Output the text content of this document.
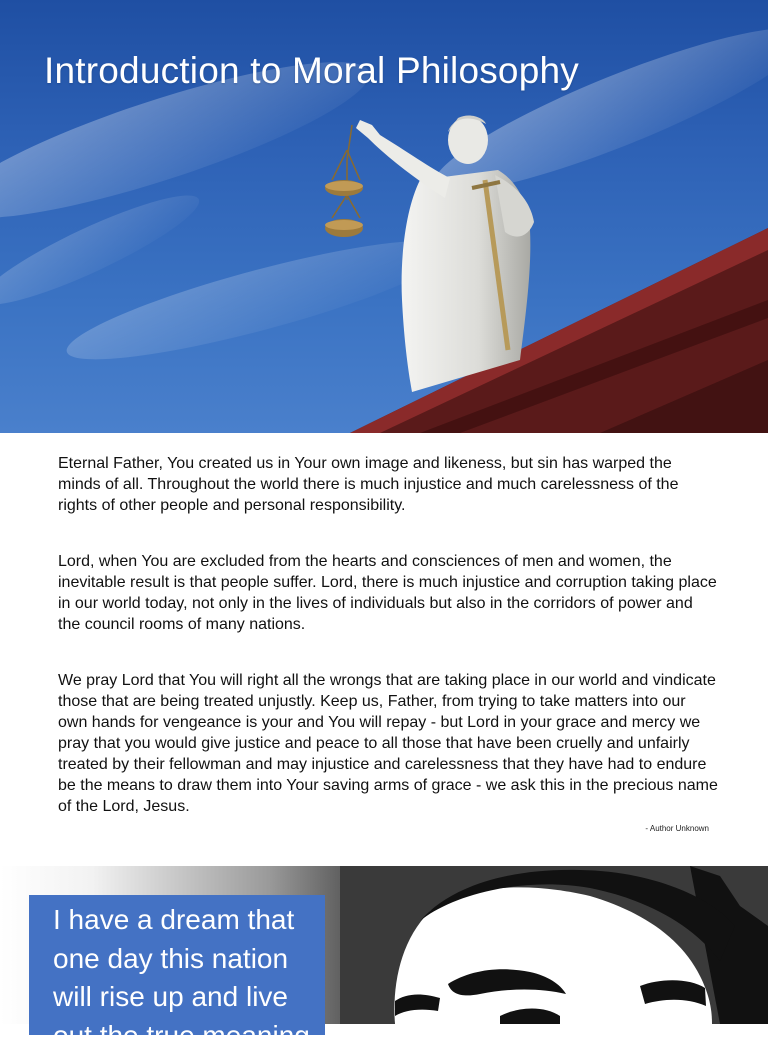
Introduction to Moral Philosophy

Eternal Father, You created us in Your own image and likeness, but sin has warped the minds of all. Throughout the world there is much injustice and much carelessness of the rights of other people and personal responsibility.

Lord, when You are excluded from the hearts and consciences of men and women, the inevitable result is that people suffer. Lord, there is much injustice and corruption taking place in our world today, not only in the lives of individuals but also in the corridors of power and the council rooms of many nations.

We pray Lord that You will right all the wrongs that are taking place in our world and vindicate those that are being treated unjustly. Keep us, Father, from trying to take matters into our own hands for vengeance is your and You will repay - but Lord in your grace and mercy we pray that you would give justice and peace to all those that have been cruelly and unfairly treated by their fellowman and may injustice and carelessness that they have had to endure be the means to draw them into Your saving arms of grace - we ask this in the precious name of the Lord, Jesus.

- Author Unknown
I have a dream that one day this nation will rise up and live out the true meaning
